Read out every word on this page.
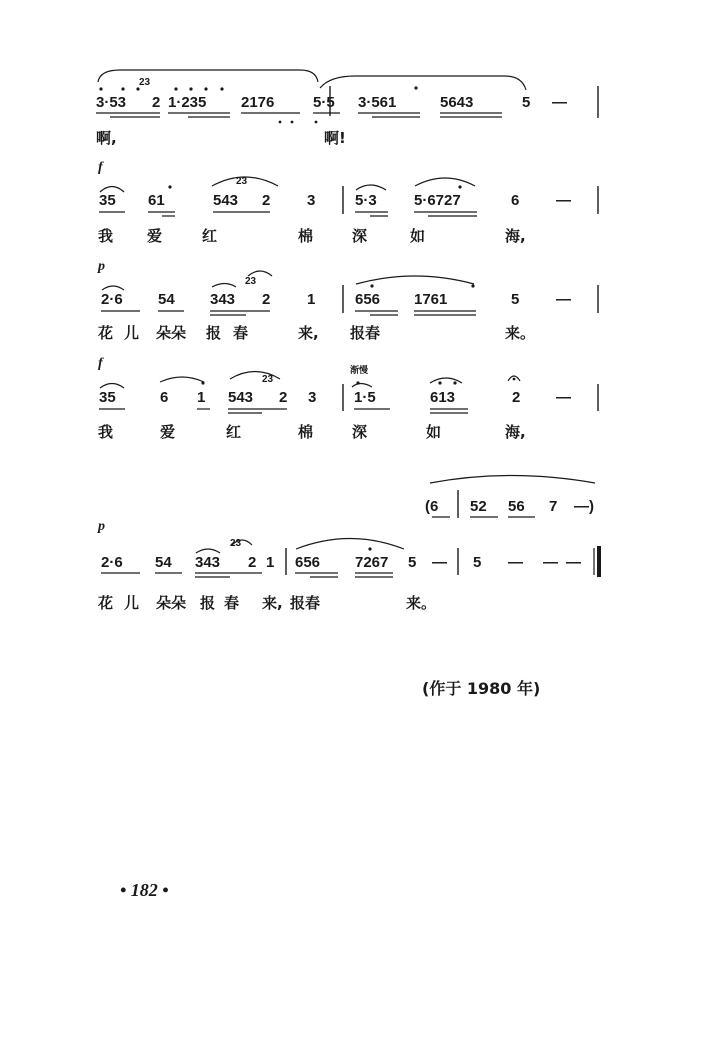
23
3·53 2 1·235 2176	5·5 3·561	5643	5 —
啊,	啊!
f
23
35 61	543 2 3	5·3 5·6727	6 —
我 爱	红	棉	深	如	海,
p
23
2·6 54 343 2 1	656 1761	5 —
花 儿 朵朵 报 春	来, 报春	来。
f	渐慢
23
35	6 1 543 2 3	1·5	613	2 —
我	爱	红	棉	深	如	海,
(6 52 56 7 —)
p
23
2·6 54 343 2 1 656 7267 5 — 5 — — —
花 儿 朵朵 报 春 来, 报春	来。
(作于 1980 年)
• 182 •
